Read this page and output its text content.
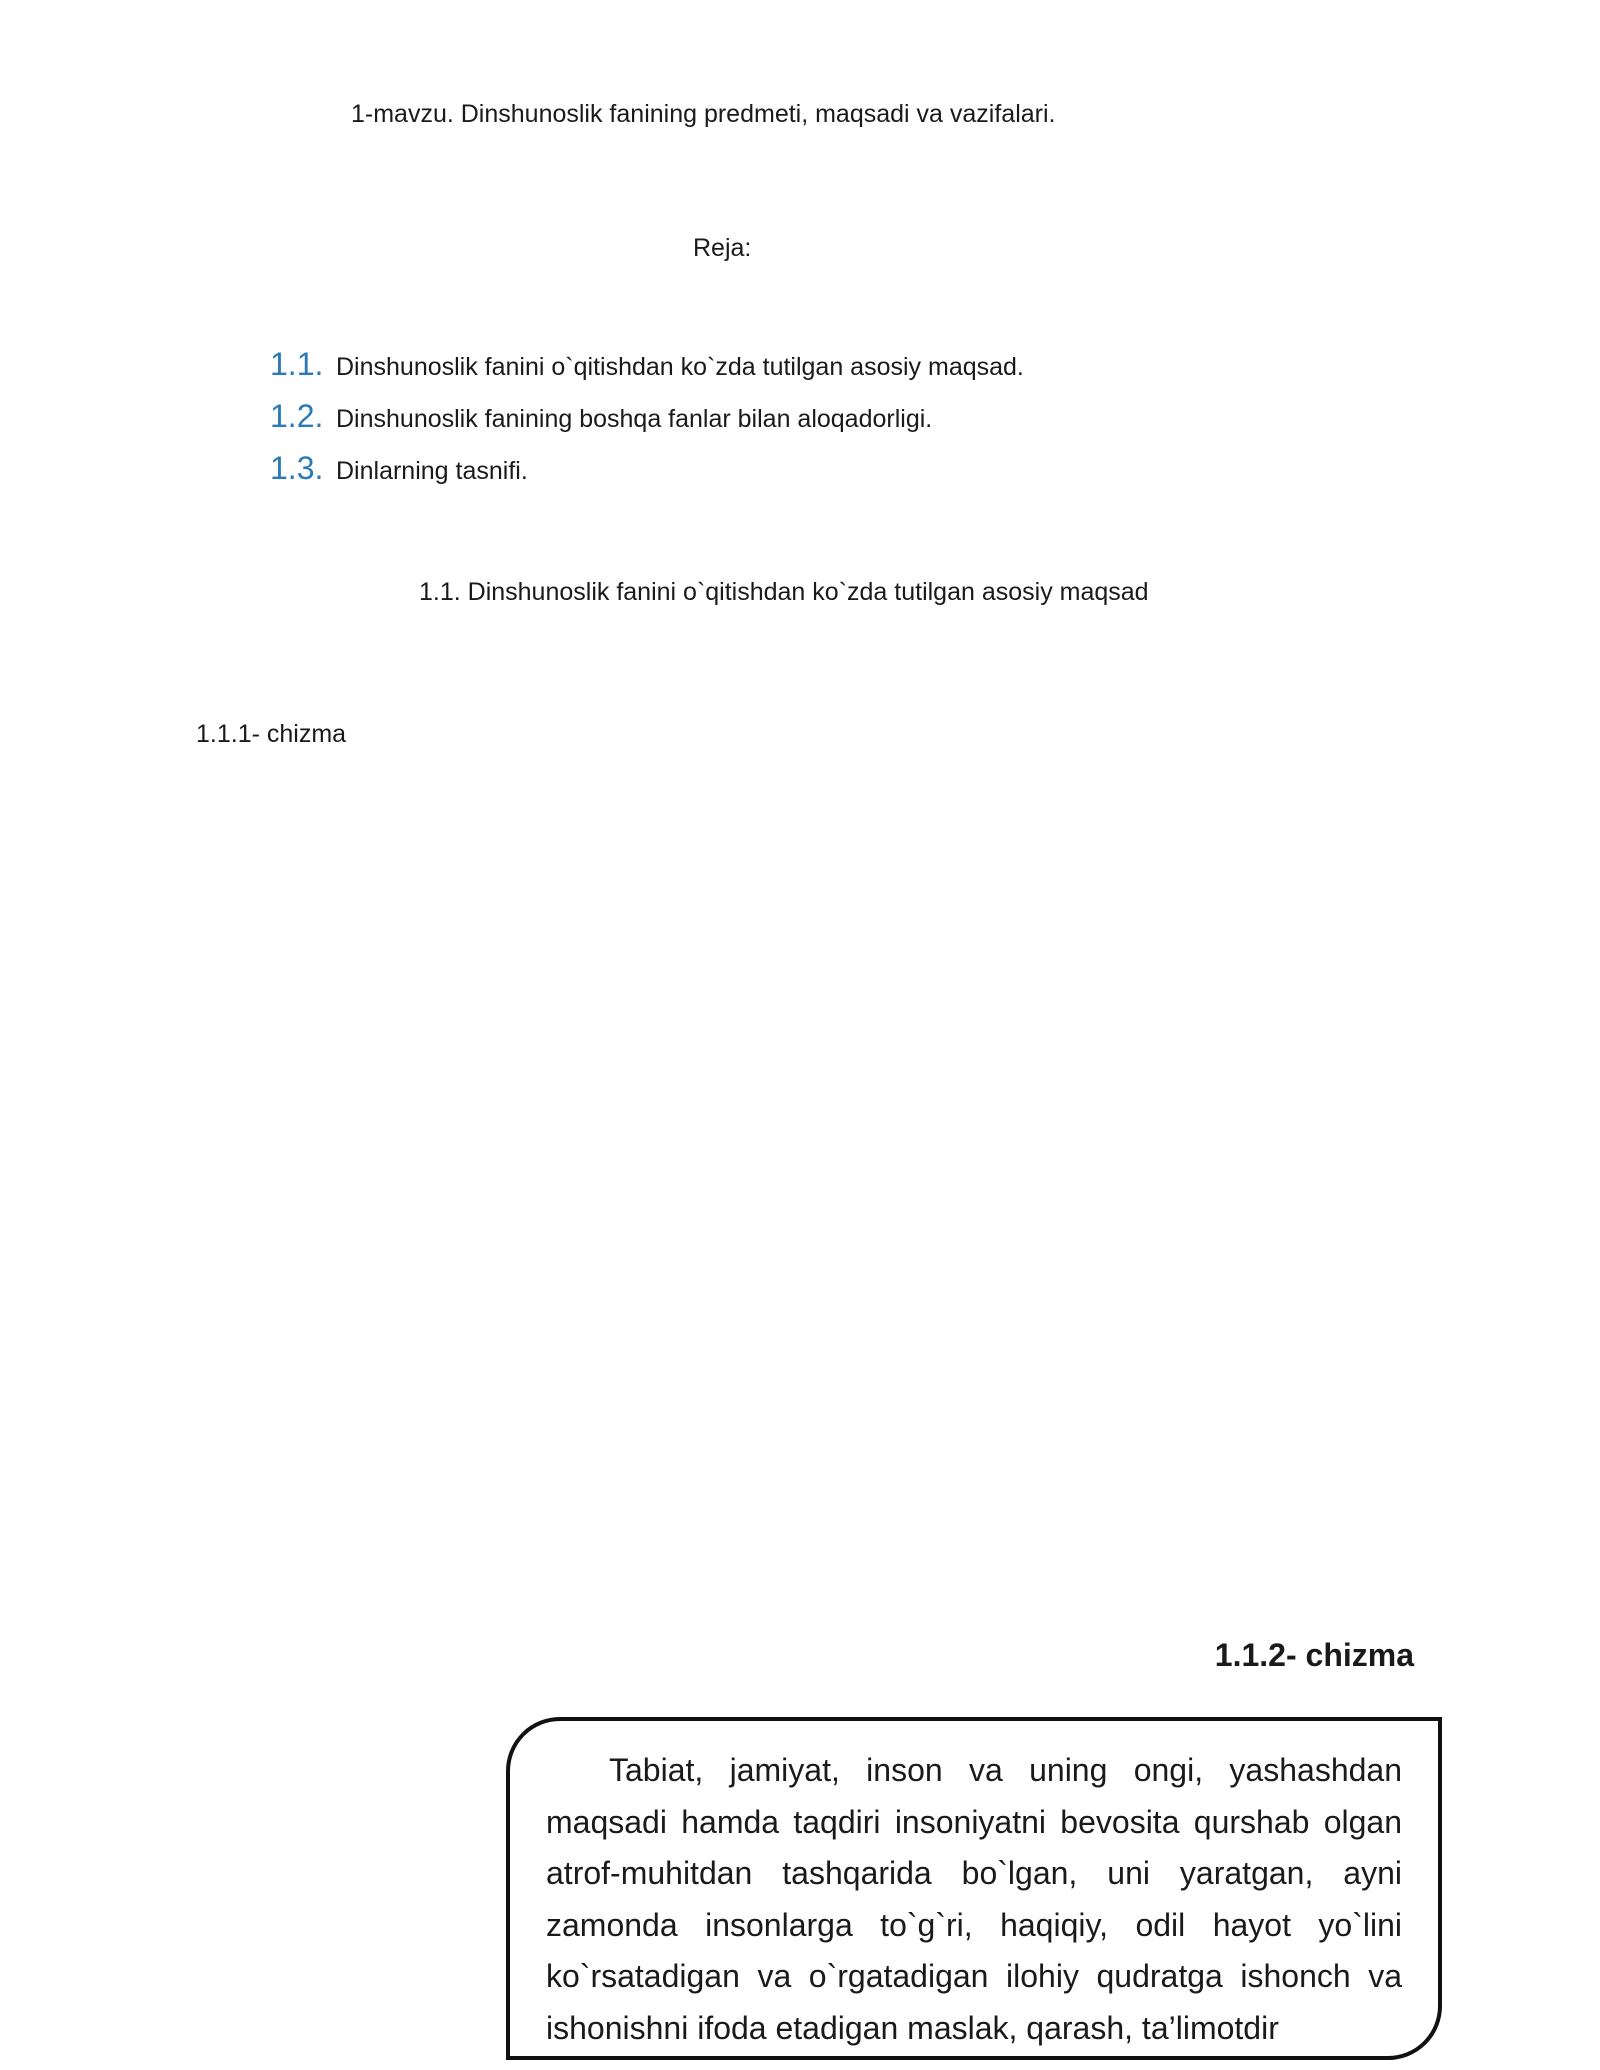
1-mavzu. Dinshunoslik fanining predmeti, maqsadi va vazifalari.
Reja:
1.1. Dinshunoslik fanini o`qitishdan ko`zda tutilgan asosiy maqsad.
1.2. Dinshunoslik fanining boshqa fanlar bilan aloqadorligi.
1.3. Dinlarning tasnifi.
1.1. Dinshunoslik fanini o`qitishdan ko`zda tutilgan asosiy maqsad
1.1.1- chizma
1.1.2- chizma

Tabiat, jamiyat, inson va uning ongi, yashashdan maqsadi hamda taqdiri insoniyatni bevosita qurshab olgan atrof-muhitdan tashqarida bo`lgan, uni yaratgan, ayni zamonda insonlarga to`g`ri, haqiqiy, odil hayot yo`lini ko`rsatadigan va o`rgatadigan ilohiy qudratga ishonch va ishonishni ifoda etadigan maslak, qarash, ta’limotdir
